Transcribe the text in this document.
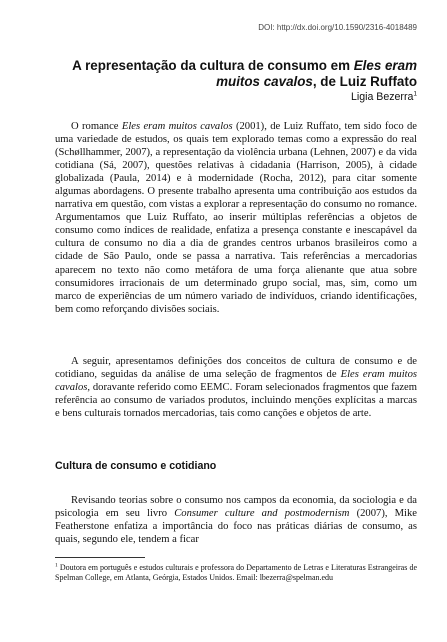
DOI: http://dx.doi.org/10.1590/2316-4018489
A representação da cultura de consumo em Eles eram muitos cavalos, de Luiz Ruffato
Ligia Bezerra$^1$

O romance Eles eram muitos cavalos (2001), de Luiz Ruffato, tem sido foco de uma variedade de estudos, os quais tem explorado temas como a expressão do real (Schøllhammer, 2007), a representação da violência urbana (Lehnen, 2007) e da vida cotidiana (Sá, 2007), questões relativas à cidadania (Harrison, 2005), à cidade globalizada (Paula, 2014) e à modernidade (Rocha, 2012), para citar somente algumas abordagens. O presente trabalho apresenta uma contribuição aos estudos da narrativa em questão, com vistas a explorar a representação do consumo no romance. Argumentamos que Luiz Ruffato, ao inserir múltiplas referências a objetos de consumo como índices de realidade, enfatiza a presença constante e inescapável da cultura de consumo no dia a dia de grandes centros urbanos brasileiros como a cidade de São Paulo, onde se passa a narrativa. Tais referências a mercadorias aparecem no texto não como metáfora de uma força alienante que atua sobre consumidores irracionais de um determinado grupo social, mas, sim, como um marco de experiências de um número variado de indivíduos, criando identificações, bem como reforçando divisões sociais.

A seguir, apresentamos definições dos conceitos de cultura de consumo e de cotidiano, seguidas da análise de uma seleção de fragmentos de Eles eram muitos cavalos, doravante referido como EEMC. Foram selecionados fragmentos que fazem referência ao consumo de variados produtos, incluindo menções explícitas a marcas e bens culturais tornados mercadorias, tais como canções e objetos de arte.

Cultura de consumo e cotidiano

Revisando teorias sobre o consumo nos campos da economia, da sociologia e da psicologia em seu livro Consumer culture and postmodernism (2007), Mike Featherstone enfatiza a importância do foco nas práticas diárias de consumo, as quais, segundo ele, tendem a ficar

$^1$ Doutora em português e estudos culturais e professora do Departamento de Letras e Literaturas Estrangeiras de Spelman College, em Atlanta, Geórgia, Estados Unidos. Email: lbezerra@spelman.edu
